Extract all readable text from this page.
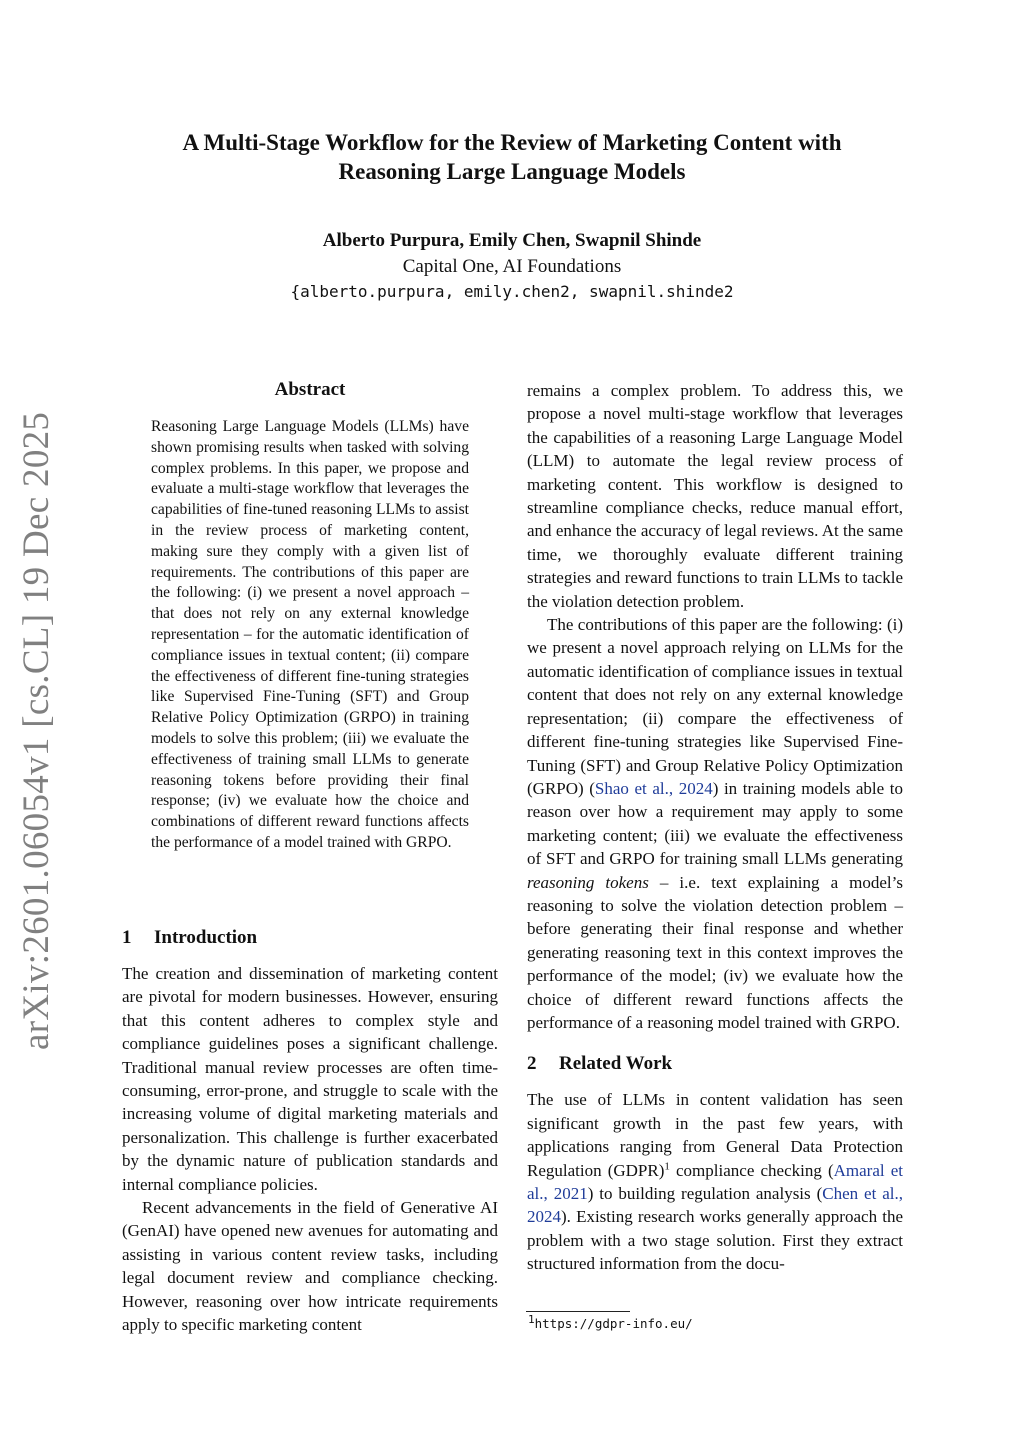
arXiv:2601.06054v1 [cs.CL] 19 Dec 2025
A Multi-Stage Workflow for the Review of Marketing Content with Reasoning Large Language Models
Alberto Purpura, Emily Chen, Swapnil Shinde
Capital One, AI Foundations
{alberto.purpura, emily.chen2, swapnil.shinde2
Abstract

Reasoning Large Language Models (LLMs) have shown promising results when tasked with solving complex problems. In this paper, we propose and evaluate a multi-stage workflow that leverages the capabilities of fine-tuned reasoning LLMs to assist in the review process of marketing content, making sure they comply with a given list of requirements. The contributions of this paper are the following: (i) we present a novel approach – that does not rely on any external knowledge representation – for the automatic identification of compliance issues in textual content; (ii) compare the effectiveness of different fine-tuning strategies like Supervised Fine-Tuning (SFT) and Group Relative Policy Optimization (GRPO) in training models to solve this problem; (iii) we evaluate the effectiveness of training small LLMs to generate reasoning tokens before providing their final response; (iv) we evaluate how the choice and combinations of different reward functions affects the performance of a model trained with GRPO.

1 Introduction

The creation and dissemination of marketing content are pivotal for modern businesses. However, ensuring that this content adheres to complex style and compliance guidelines poses a significant challenge. Traditional manual review processes are often time-consuming, error-prone, and struggle to scale with the increasing volume of digital marketing materials and personalization. This challenge is further exacerbated by the dynamic nature of publication standards and internal compliance policies.

Recent advancements in the field of Generative AI (GenAI) have opened new avenues for automating and assisting in various content review tasks, including legal document review and compliance checking. However, reasoning over how intricate requirements apply to specific marketing content

remains a complex problem. To address this, we propose a novel multi-stage workflow that leverages the capabilities of a reasoning Large Language Model (LLM) to automate the legal review process of marketing content. This workflow is designed to streamline compliance checks, reduce manual effort, and enhance the accuracy of legal reviews. At the same time, we thoroughly evaluate different training strategies and reward functions to train LLMs to tackle the violation detection problem.

The contributions of this paper are the following: (i) we present a novel approach relying on LLMs for the automatic identification of compliance issues in textual content that does not rely on any external knowledge representation; (ii) compare the effectiveness of different fine-tuning strategies like Supervised Fine-Tuning (SFT) and Group Relative Policy Optimization (GRPO) (Shao et al., 2024) in training models able to reason over how a requirement may apply to some marketing content; (iii) we evaluate the effectiveness of SFT and GRPO for training small LLMs generating reasoning tokens – i.e. text explaining a model’s reasoning to solve the violation detection problem – before generating their final response and whether generating reasoning text in this context improves the performance of the model; (iv) we evaluate how the choice of different reward functions affects the performance of a reasoning model trained with GRPO.

2 Related Work

The use of LLMs in content validation has seen significant growth in the past few years, with applications ranging from General Data Protection Regulation (GDPR)$^1$ compliance checking (Amaral et al., 2021) to building regulation analysis (Chen et al., 2024). Existing research works generally approach the problem with a two stage solution. First they extract structured information from the docu-

$^1$https://gdpr-info.eu/
